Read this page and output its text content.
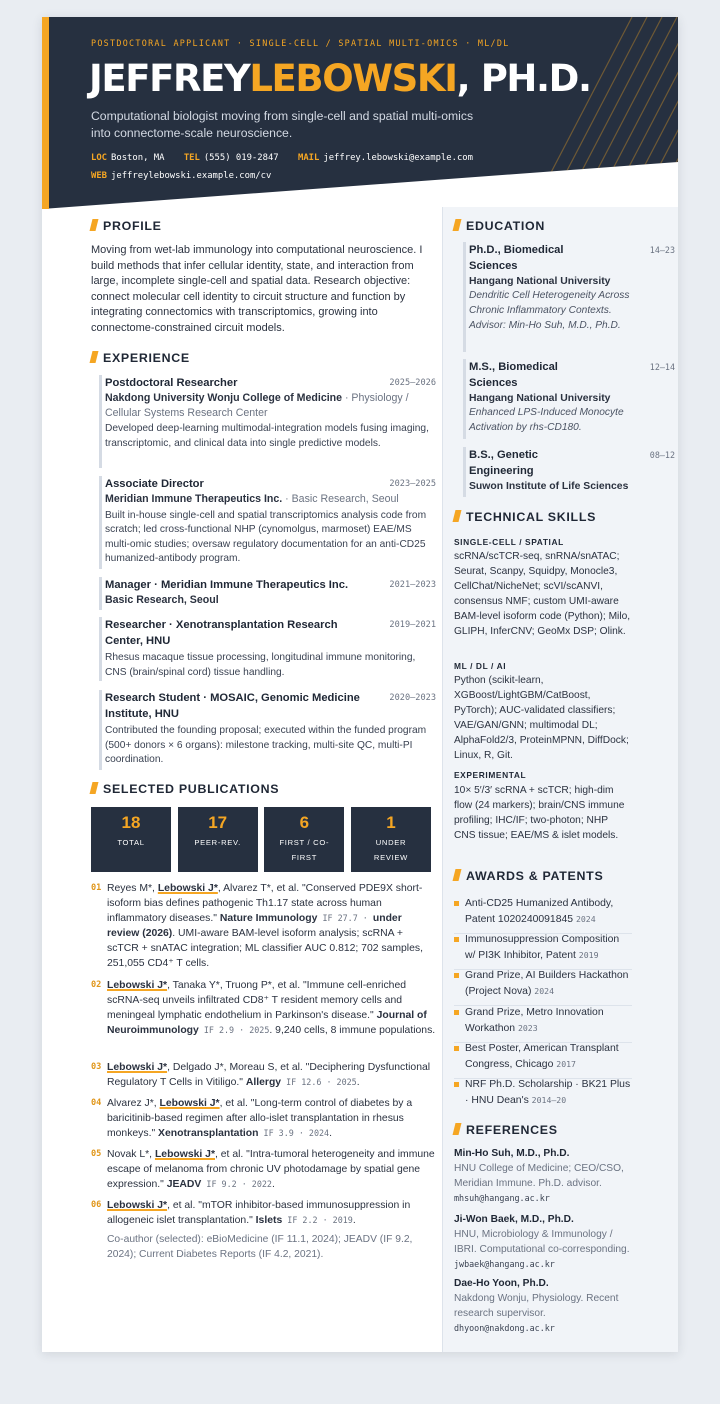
POSTDOCTORAL APPLICANT · SINGLE-CELL / SPATIAL MULTI-OMICS · ML/DL
JEFFREYLEBOWSKI, PH.D.
Computational biologist moving from single-cell and spatial multi-omics into connectome-scale neuroscience.
LOC Boston, MA TEL (555) 019-2847 MAIL jeffrey.lebowski@example.com
WEB jeffreylebowski.example.com/cv
PROFILE
Moving from wet-lab immunology into computational neuroscience. I build methods that infer cellular identity, state, and interaction from large, incomplete single-cell and spatial data. Research objective: connect molecular cell identity to circuit structure and function by integrating connectomics with transcriptomics, growing into connectome-constrained circuit models.
EXPERIENCE
Postdoctoral Researcher	2025–2026
Nakdong University Wonju College of Medicine · Physiology / Cellular Systems Research Center
Developed deep-learning multimodal-integration models fusing imaging, transcriptomic, and clinical data into single predictive models.
Associate Director	2023–2025
Meridian Immune Therapeutics Inc. · Basic Research, Seoul
Built in-house single-cell and spatial transcriptomics analysis code from scratch; led cross-functional NHP (cynomolgus, marmoset) EAE/MS multi-omic studies; oversaw regulatory documentation for an anti-CD25 humanized-antibody program.
Manager · Meridian Immune Therapeutics Inc.	2021–2023
Basic Research, Seoul
Researcher · Xenotransplantation Research Center, HNU
2019–2021
Rhesus macaque tissue processing, longitudinal immune monitoring, CNS (brain/spinal cord) tissue handling.
Research Student · MOSAIC, Genomic Medicine Institute, HNU
2020–2023
Contributed the founding proposal; executed within the funded program (500+ donors × 6 organs): milestone tracking, multi-site QC, multi-PI coordination.
SELECTED PUBLICATIONS
18
TOTAL
17
PEER-REV.
6
FIRST / CO-FIRST
1
UNDER REVIEW
01 Reyes M*, Lebowski J*, Alvarez T*, et al. "Conserved PDE9X short-isoform bias defines pathogenic Th1.17 state across human inflammatory diseases." Nature Immunology IF 27.7 · under review (2026). UMI-aware BAM-level isoform analysis; scRNA + scTCR + snATAC integration; ML classifier AUC 0.812; 702 samples, 251,055 CD4⁺ T cells.
02 Lebowski J*, Tanaka Y*, Truong P*, et al. "Immune cell-enriched scRNA-seq unveils infiltrated CD8⁺ T resident memory cells and meningeal lymphatic endothelium in Parkinson's disease." Journal of Neuroimmunology IF 2.9 · 2025. 9,240 cells, 8 immune populations.
03 Lebowski J*, Delgado J*, Moreau S, et al. "Deciphering Dysfunctional Regulatory T Cells in Vitiligo." Allergy IF 12.6 · 2025.
04 Alvarez J*, Lebowski J*, et al. "Long-term control of diabetes by a baricitinib-based regimen after allo-islet transplantation in rhesus monkeys." Xenotransplantation IF 3.9 · 2024.
05 Novak L*, Lebowski J*, et al. "Intra-tumoral heterogeneity and immune escape of melanoma from chronic UV photodamage by spatial gene expression." JEADV IF 9.2 · 2022.
06 Lebowski J*, et al. "mTOR inhibitor-based immunosuppression in allogeneic islet transplantation." Islets IF 2.2 · 2019.
Co-author (selected): eBioMedicine (IF 11.1, 2024); JEADV (IF 9.2, 2024); Current Diabetes Reports (IF 4.2, 2021).
EDUCATION
Ph.D., Biomedical Sciences
14–23
Hangang National University
Dendritic Cell Heterogeneity Across Chronic Inflammatory Contexts. Advisor: Min-Ho Suh, M.D., Ph.D.
M.S., Biomedical Sciences
12–14
Hangang National University
Enhanced LPS-Induced Monocyte Activation by rhs-CD180.
B.S., Genetic Engineering
08–12
Suwon Institute of Life Sciences
TECHNICAL SKILLS
SINGLE-CELL / SPATIAL
scRNA/scTCR-seq, snRNA/snATAC; Seurat, Scanpy, Squidpy, Monocle3, CellChat/NicheNet; scVI/scANVI, consensus NMF; custom UMI-aware BAM-level isoform code (Python); Milo, GLIPH, InferCNV; GeoMx DSP; Olink.
ML / DL / AI
Python (scikit-learn, XGBoost/LightGBM/CatBoost, PyTorch); AUC-validated classifiers; VAE/GAN/GNN; multimodal DL; AlphaFold2/3, ProteinMPNN, DiffDock; Linux, R, Git.
EXPERIMENTAL
10× 5′/3′ scRNA + scTCR; high-dim flow (24 markers); brain/CNS immune profiling; IHC/IF; two-photon; NHP CNS tissue; EAE/MS & islet models.
AWARDS & PATENTS
Anti-CD25 Humanized Antibody, Patent 1020240091845 2024
Immunosuppression Composition w/ PI3K Inhibitor, Patent 2019
Grand Prize, AI Builders Hackathon (Project Nova) 2024
Grand Prize, Metro Innovation Workathon 2023
Best Poster, American Transplant Congress, Chicago 2017
NRF Ph.D. Scholarship · BK21 Plus · HNU Dean's 2014–20
REFERENCES
Min-Ho Suh, M.D., Ph.D.
HNU College of Medicine; CEO/CSO, Meridian Immune. Ph.D. advisor.
mhsuh@hangang.ac.kr
Ji-Won Baek, M.D., Ph.D.
HNU, Microbiology & Immunology / IBRI. Computational co-corresponding.
jwbaek@hangang.ac.kr
Dae-Ho Yoon, Ph.D.
Nakdong Wonju, Physiology. Recent research supervisor.
dhyoon@nakdong.ac.kr
